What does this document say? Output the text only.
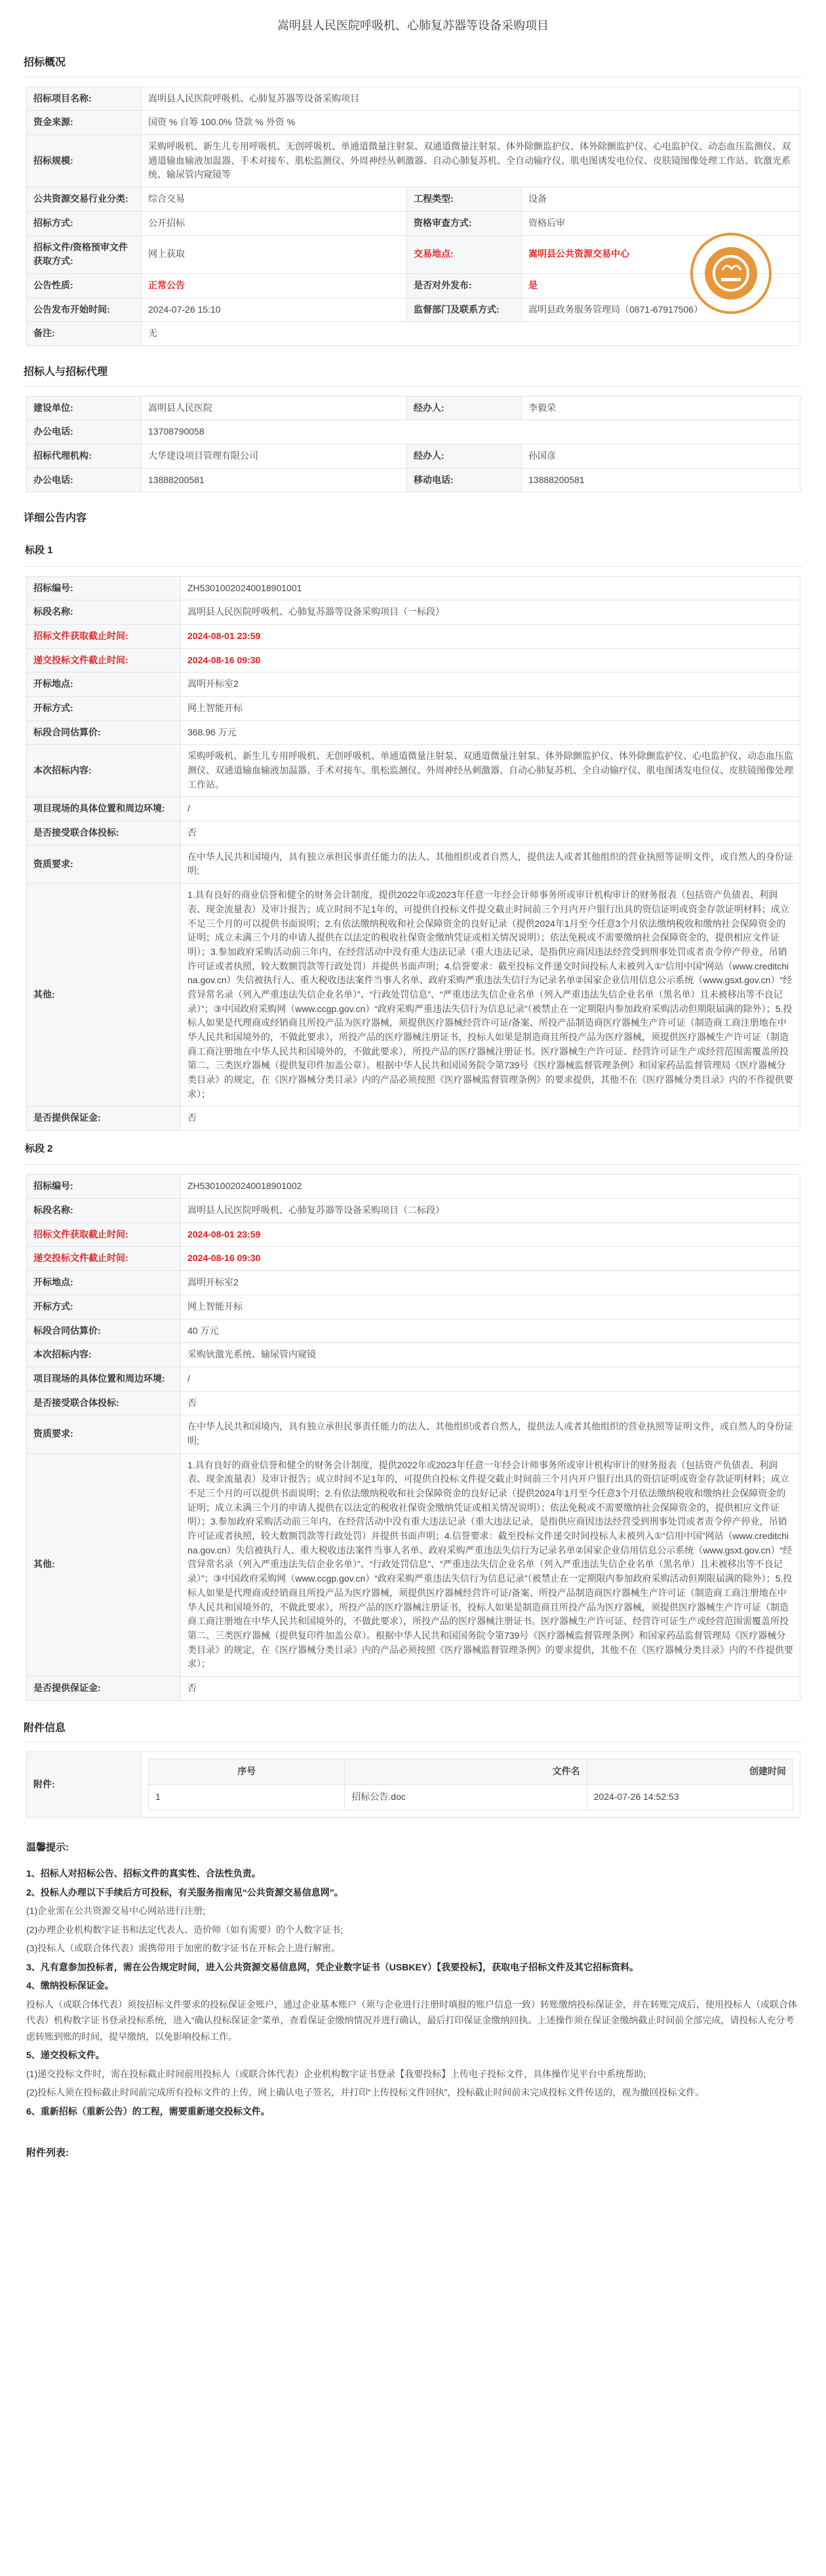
嵩明县人民医院呼吸机、心肺复苏器等设备采购项目
招标概况
招标项目名称:	嵩明县人民医院呼吸机、心肺复苏器等设备采购项目		
资金来源:	国资 % 自筹 100.0% 贷款 % 外资 %		
招标规模:	采购呼吸机、新生儿专用呼吸机、无创呼吸机、单通道微量注射泵、双通道微量注射泵、体外除颤监护仪、体外除颤监护仪、心电监护仪、动态血压监测仪、双通道输血输液加温器、手术对接车、肌松监测仪、外周神经丛刺激器、自动心肺复苏机、全自动输疗仪、肌电图诱发电位仪、皮肤镜图像处理工作站、软激光系统、输尿管内窥镜等		
公共资源交易行业分类:	综合交易	工程类型:	设备
招标方式:	公开招标	资格审查方式:	资格后审
招标文件/资格预审文件获取方式:	网上获取	交易地点:	嵩明县公共资源交易中心
公告性质:	正常公告	是否对外发布:	是
公告发布开始时间:	2024-07-26 15:10	监督部门及联系方式:	嵩明县政务服务管理局（0871-67917506）
备注:	无		
招标人与招标代理
建设单位:	嵩明县人民医院	经办人:	李毅荣
办公电话:	13708790058		
招标代理机构:	大华建设项目管理有限公司	经办人:	孙国彦
办公电话:	13888200581	移动电话:	13888200581
详细公告内容
标段 1
招标编号:	ZH53010020240018901001
标段名称:	嵩明县人民医院呼吸机、心肺复苏器等设备采购项目（一标段）
招标文件获取截止时间:	2024-08-01 23:59
递交投标文件截止时间:	2024-08-16 09:30
开标地点:	嵩明开标室2
开标方式:	网上智能开标
标段合同估算价:	368.96 万元
本次招标内容:	采购呼吸机、新生儿专用呼吸机、无创呼吸机、单通道微量注射泵、双通道微量注射泵、体外除颤监护仪、体外除颤监护仪、心电监护仪、动态血压监测仪、双通道输血输液加温器、手术对接车、肌松监测仪、外周神经丛刺激器、自动心肺复苏机、全自动输疗仪、肌电图诱发电位仪、皮肤镜图像处理工作站。
项目现场的具体位置和周边环境:	/
是否接受联合体投标:	否
资质要求:	在中华人民共和国境内，具有独立承担民事责任能力的法人、其他组织或者自然人，提供法人或者其他组织的营业执照等证明文件，或自然人的身份证明;
其他:	1.具有良好的商业信誉和健全的财务会计制度，提供2022年或2023年任意一年经会计师事务所或审计机构审计的财务报表（包括资产负债表、利润表、现金流量表）及审计报告；成立时间不足1年的，可提供自投标文件提交截止时间前三个月内开户银行出具的资信证明或资金存款证明材料；成立不足三个月的可以提供书面说明；2.有依法缴纳税收和社会保障资金的良好记录（提供2024年1月至今任意3个月依法缴纳税收和缴纳社会保障资金的证明；成立未满三个月的申请人提供在以法定的税收社保资金缴纳凭证或相关情况说明）；依法免税或不需要缴纳社会保障资金的，提供相应文件证明）；3.参加政府采购活动前三年内，在经营活动中没有重大违法记录（重大违法记录，是指供应商因违法经营受到刑事处罚或者责令停产停业，吊销许可证或者执照，较大数额罚款等行政处罚）并提供书面声明；4.信誉要求：截至投标文件递交时间投标人未被列入①“信用中国”网站（www.creditchina.gov.cn）失信被执行人、重大税收违法案件当事人名单、政府采购严重违法失信行为记录名单②国家企业信用信息公示系统（www.gsxt.gov.cn）“经营异常名录（列入严重违法失信企业名单）”、“行政处罚信息”、“严重违法失信企业名单（列入严重违法失信企业名单（黑名单）且未被移出等不良记录）”；③中国政府采购网（www.ccgp.gov.cn）“政府采购严重违法失信行为信息记录”（被禁止在一定期限内参加政府采购活动但期限届满的除外）；5.投标人如果是代理商或经销商且所投产品为医疗器械，须提供医疗器械经营许可证/备案、所投产品制造商医疗器械生产许可证（制造商工商注册地在中华人民共和国境外的，不做此要求），所投产品的医疗器械注册证书，投标人如果是制造商且所投产品为医疗器械，须提供医疗器械生产许可证（制造商工商注册地在中华人民共和国境外的，不做此要求），所投产品的医疗器械注册证书。医疗器械生产许可证、经营许可证生产或经营范围需覆盖所投第二、三类医疗器械（提供复印件加盖公章）。根据中华人民共和国国务院令第739号《医疗器械监督管理条例》和国家药品监督管理局《医疗器械分类目录》的规定，在《医疗器械分类目录》内的产品必须按照《医疗器械监督管理条例》的要求提供，其他不在《医疗器械分类目录》内的不作提供要求）；
是否提供保证金:	否
标段 2
招标编号:	ZH53010020240018901002
标段名称:	嵩明县人民医院呼吸机、心肺复苏器等设备采购项目（二标段）
招标文件获取截止时间:	2024-08-01 23:59
递交投标文件截止时间:	2024-08-16 09:30
开标地点:	嵩明开标室2
开标方式:	网上智能开标
标段合同估算价:	40 万元
本次招标内容:	采购钬激光系统、输尿管内窥镜
项目现场的具体位置和周边环境:	/
是否接受联合体投标:	否
资质要求:	在中华人民共和国境内，具有独立承担民事责任能力的法人、其他组织或者自然人，提供法人或者其他组织的营业执照等证明文件，或自然人的身份证明;
其他:	1.具有良好的商业信誉和健全的财务会计制度，提供2022年或2023年任意一年经会计师事务所或审计机构审计的财务报表（包括资产负债表、利润表、现金流量表）及审计报告；成立时间不足1年的，可提供自投标文件提交截止时间前三个月内开户银行出具的资信证明或资金存款证明材料；成立不足三个月的可以提供书面说明；2.有依法缴纳税收和社会保障资金的良好记录（提供2024年1月至今任意3个月依法缴纳税收和缴纳社会保障资金的证明；成立未满三个月的申请人提供在以法定的税收社保资金缴纳凭证或相关情况说明）；依法免税或不需要缴纳社会保障资金的，提供相应文件证明）；3.参加政府采购活动前三年内，在经营活动中没有重大违法记录（重大违法记录，是指供应商因违法经营受到刑事处罚或者责令停产停业，吊销许可证或者执照，较大数额罚款等行政处罚）并提供书面声明；4.信誉要求：截至投标文件递交时间投标人未被列入①“信用中国”网站（www.creditchina.gov.cn）失信被执行人、重大税收违法案件当事人名单、政府采购严重违法失信行为记录名单②国家企业信用信息公示系统（www.gsxt.gov.cn）“经营异常名录（列入严重违法失信企业名单）”、“行政处罚信息”、“严重违法失信企业名单（列入严重违法失信企业名单（黑名单）且未被移出等不良记录）”；③中国政府采购网（www.ccgp.gov.cn）“政府采购严重违法失信行为信息记录”（被禁止在一定期限内参加政府采购活动但期限届满的除外）；5.投标人如果是代理商或经销商且所投产品为医疗器械，须提供医疗器械经营许可证/备案、所投产品制造商医疗器械生产许可证（制造商工商注册地在中华人民共和国境外的，不做此要求），所投产品的医疗器械注册证书，投标人如果是制造商且所投产品为医疗器械，须提供医疗器械生产许可证（制造商工商注册地在中华人民共和国境外的，不做此要求），所投产品的医疗器械注册证书。医疗器械生产许可证、经营许可证生产或经营范围需覆盖所投第二、三类医疗器械（提供复印件加盖公章）。根据中华人民共和国国务院令第739号《医疗器械监督管理条例》和国家药品监督管理局《医疗器械分类目录》的规定，在《医疗器械分类目录》内的产品必须按照《医疗器械监督管理条例》的要求提供，其他不在《医疗器械分类目录》内的不作提供要求）；
是否提供保证金:	否
附件信息
附件:	
序号	文件名	创建时间
1	招标公告.doc	2024-07-26 14:52:53
温馨提示:

1、招标人对招标公告、招标文件的真实性、合法性负责。

2、投标人办理以下手续后方可投标，有关服务指南见“公共资源交易信息网”。

(1)企业需在公共资源交易中心网站进行注册;

(2)办理企业机构数字证书和法定代表人、造价师（如有需要）的个人数字证书;

(3)投标人（或联合体代表）需携带用于加密的数字证书在开标会上进行解密。

3、凡有意参加投标者，需在公告规定时间，进入公共资源交易信息网，凭企业数字证书（USBKEY）【我要投标】，获取电子招标文件及其它招标资料。

4、缴纳投标保证金。

投标人（或联合体代表）须按招标文件要求的投标保证金账户，通过企业基本账户（须与企业进行注册时填报的账户信息一致）转账缴纳投标保证金，并在转账完成后，使用投标人（或联合体代表）机构数字证书登录投标系统，进入“确认投标保证金”菜单，查看保证金缴纳情况并进行确认，最后打印保证金缴纳回执。上述操作须在保证金缴纳截止时间前全部完成，请投标人充分考虑转账到账的时间，提早缴纳，以免影响投标工作。

5、递交投标文件。

(1)递交投标文件时，需在投标截止时间前用投标人（或联合体代表）企业机构数字证书登录【我要投标】上传电子投标文件，具体操作见平台中系统帮助;

(2)投标人须在投标截止时间前完成所有投标文件的上传，网上确认电子签名，并打印“上传投标文件回执”，投标截止时间前未完成投标文件传送的，视为撤回投标文件。

6、重新招标（重新公告）的工程，需要重新递交投标文件。

附件列表:
